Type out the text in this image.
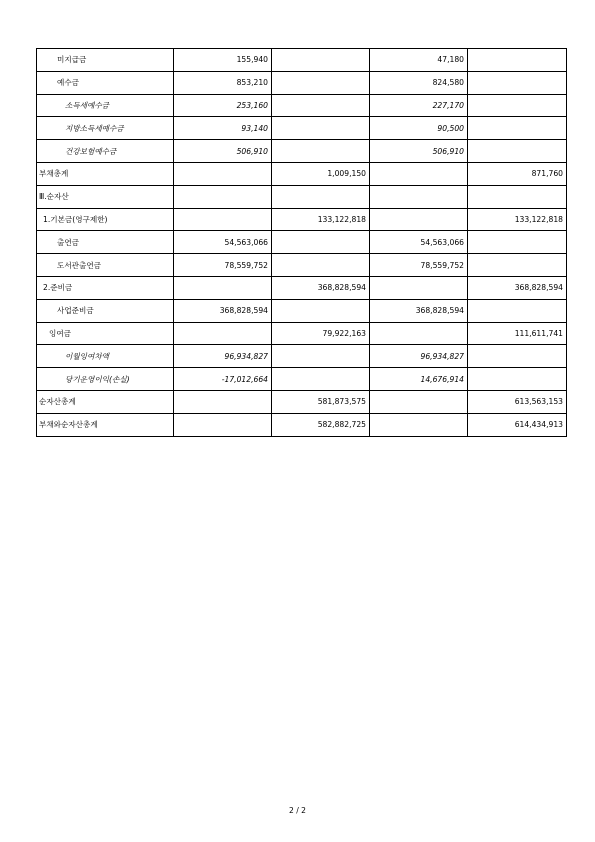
미지급금	155,940		47,180	
예수금	853,210		824,580	
소득세예수금	253,160		227,170	
지방소득세예수금	93,140		90,500	
건강보험예수금	506,910		506,910	
부채총계		1,009,150		871,760
Ⅲ.순자산				
1.기본금(영구제한)		133,122,818		133,122,818
출연금	54,563,066		54,563,066	
도서관출연금	78,559,752		78,559,752	
2.준비금		368,828,594		368,828,594
사업준비금	368,828,594		368,828,594	
잉여금		79,922,163		111,611,741
이월잉여차액	96,934,827		96,934,827	
당기운영이익(손실)	-17,012,664		14,676,914	
순자산총계		581,873,575		613,563,153
부채와순자산총계		582,882,725		614,434,913
2 / 2
